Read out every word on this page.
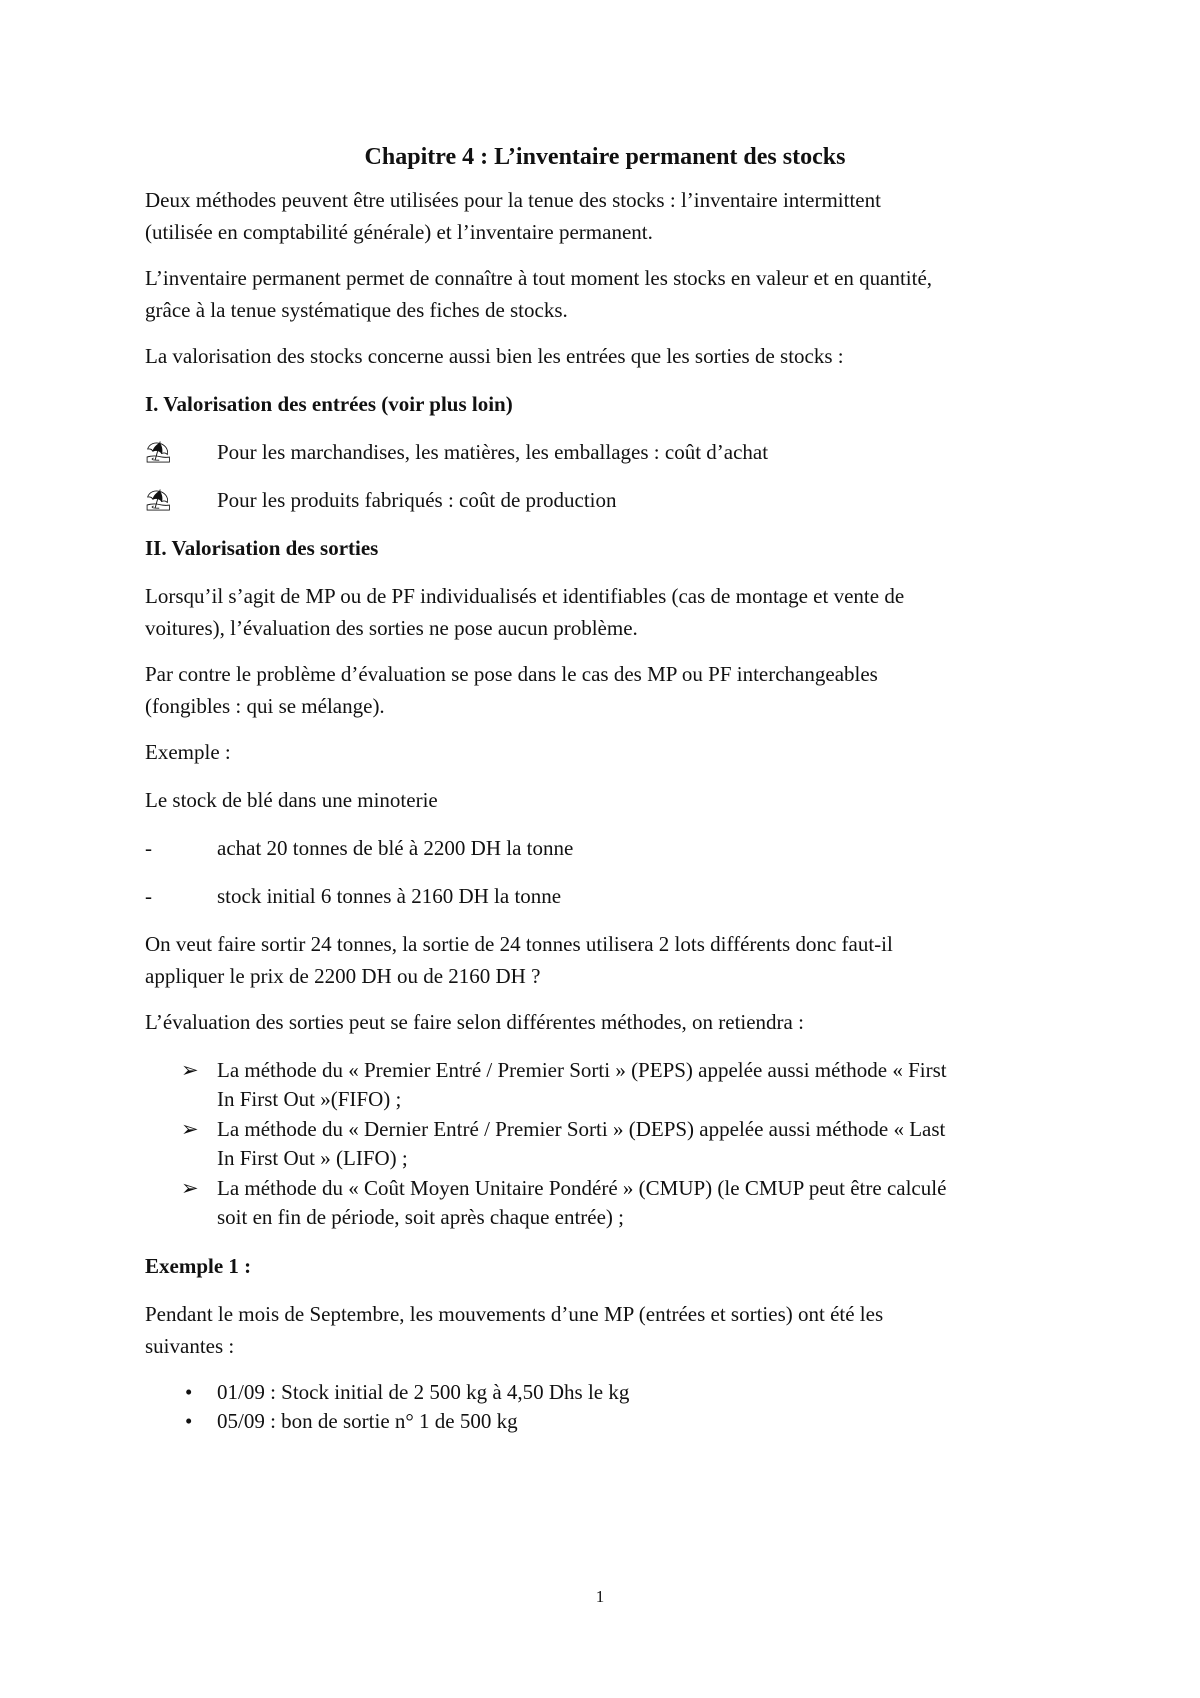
Chapitre 4 : L’inventaire permanent des stocks
Deux méthodes peuvent être utilisées pour la tenue des stocks : l’inventaire intermittent
(utilisée en comptabilité générale) et l’inventaire permanent.
L’inventaire permanent permet de connaître à tout moment les stocks en valeur et en quantité,
grâce à la tenue systématique des fiches de stocks.
La valorisation des stocks concerne aussi bien les entrées que les sorties de stocks :
I. Valorisation des entrées (voir plus loin)
⛱	Pour les marchandises, les matières, les emballages : coût d’achat
⛱	Pour les produits fabriqués : coût de production
II. Valorisation des sorties
Lorsqu’il s’agit de MP ou de PF individualisés et identifiables (cas de montage et vente de
voitures), l’évaluation des sorties ne pose aucun problème.
Par contre le problème d’évaluation se pose dans le cas des MP ou PF interchangeables
(fongibles : qui se mélange).
Exemple :
Le stock de blé dans une minoterie
-	achat 20 tonnes de blé à 2200 DH la tonne
-	stock initial 6 tonnes à 2160 DH la tonne
On veut faire sortir 24 tonnes, la sortie de 24 tonnes utilisera 2 lots différents donc faut-il
appliquer le prix de 2200 DH ou de 2160 DH ?
L’évaluation des sorties peut se faire selon différentes méthodes, on retiendra :
➢ La méthode du « Premier Entré / Premier Sorti » (PEPS) appelée aussi méthode « First
In First Out »(FIFO) ;
➢ La méthode du « Dernier Entré / Premier Sorti » (DEPS) appelée aussi méthode « Last
In First Out » (LIFO) ;
➢ La méthode du « Coût Moyen Unitaire Pondéré » (CMUP) (le CMUP peut être calculé
soit en fin de période, soit après chaque entrée) ;
Exemple 1 :
Pendant le mois de Septembre, les mouvements d’une MP (entrées et sorties) ont été les
suivantes :
• 01/09 : Stock initial de 2 500 kg à 4,50 Dhs le kg
• 05/09 : bon de sortie n° 1 de 500 kg
1
